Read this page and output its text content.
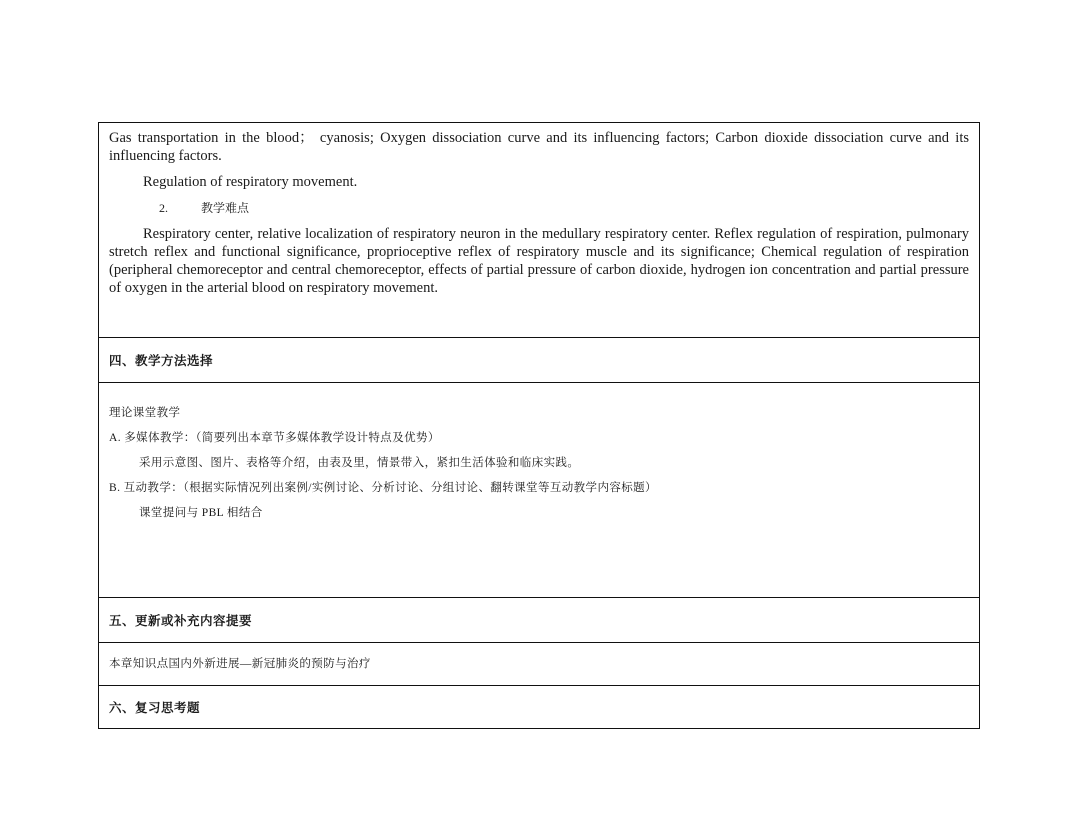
Gas transportation in the blood； cyanosis; Oxygen dissociation curve and its influencing factors; Carbon dioxide dissociation curve and its influencing factors.

Regulation of respiratory movement.

2.	教学难点

Respiratory center, relative localization of respiratory neuron in the medullary respiratory center. Reflex regulation of respiration, pulmonary stretch reflex and functional significance, proprioceptive reflex of respiratory muscle and its significance; Chemical regulation of respiration (peripheral chemoreceptor and central chemoreceptor, effects of partial pressure of carbon dioxide, hydrogen ion concentration and partial pressure of oxygen in the arterial blood on respiratory movement.

四、教学方法选择

理论课堂教学

A. 多媒体教学：（简要列出本章节多媒体教学设计特点及优势）

采用示意图、图片、表格等介绍，由表及里，情景带入，紧扣生活体验和临床实践。

B. 互动教学：（根据实际情况列出案例/实例讨论、分析讨论、分组讨论、翻转课堂等互动教学内容标题）

课堂提问与 PBL 相结合

五、更新或补充内容提要

本章知识点国内外新进展—新冠肺炎的预防与治疗

六、复习思考题
